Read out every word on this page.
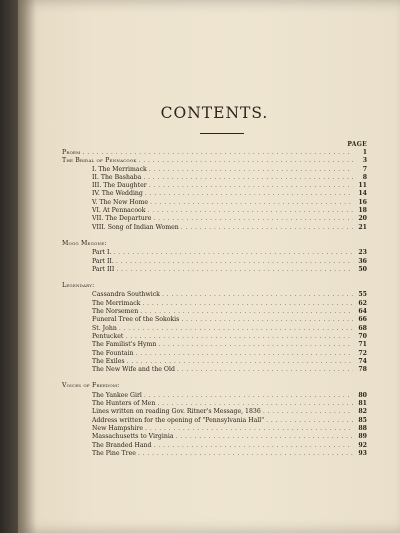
CONTENTS.
PAGE
Proem . . .	1
The Bridal of Pennacook . . .	3
I. The Merrimack . . .	7
II. The Bashaba . . .	8
III. The Daughter . . .	11
IV. The Wedding . . .	14
V. The New Home . . .	16
VI. At Pennacook . . .	18
VII. The Departure . . .	20
VIII. Song of Indian Women . . .	21
Mogg Megone:
Part I. . . .	23
Part II. . . .	36
Part III . . .	50
Legendary:
Cassandra Southwick . . .	55
The Merrimack . . .	62
The Norsemen . . .	64
Funeral Tree of the Sokokis . . .	66
St. John . . .	68
Pentucket . . .	70
The Familist's Hymn . . .	71
The Fountain . . .	72
The Exiles . . .	74
The New Wife and the Old . . .	78
Voices of Freedom:
The Yankee Girl . . .	80
The Hunters of Men . . .	81
Lines written on reading Gov. Ritner's Message, 1836 . . .	82
Address written for the opening of "Pennsylvania Hall" . . .	85
New Hampshire . . .	88
Massachusetts to Virginia . . .	89
The Branded Hand . . .	92
The Pine Tree . . .	93
